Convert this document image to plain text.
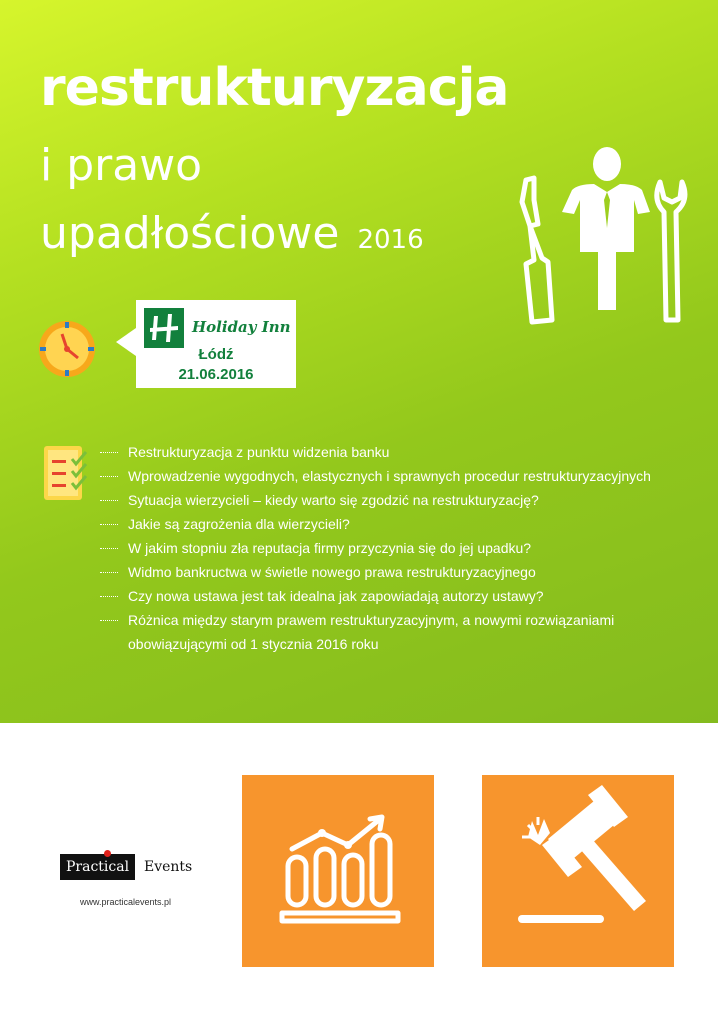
restrukturyzacja
i prawo
upadłościowe 2016
Holiday Inn
Łódź
21.06.2016
Restrukturyzacja z punktu widzenia banku
Wprowadzenie wygodnych, elastycznych i sprawnych procedur restrukturyzacyjnych
Sytuacja wierzycieli – kiedy warto się zgodzić na restrukturyzację?
Jakie są zagrożenia dla wierzycieli?
W jakim stopniu zła reputacja firmy przyczynia się do jej upadku?
Widmo bankructwa w świetle nowego prawa restrukturyzacyjnego
Czy nowa ustawa jest tak idealna jak zapowiadają autorzy ustawy?
Różnica między starym prawem restrukturyzacyjnym, a nowymi rozwiązaniami obowiązującymi od 1 stycznia 2016 roku
Practical	Events
www.practicalevents.pl
